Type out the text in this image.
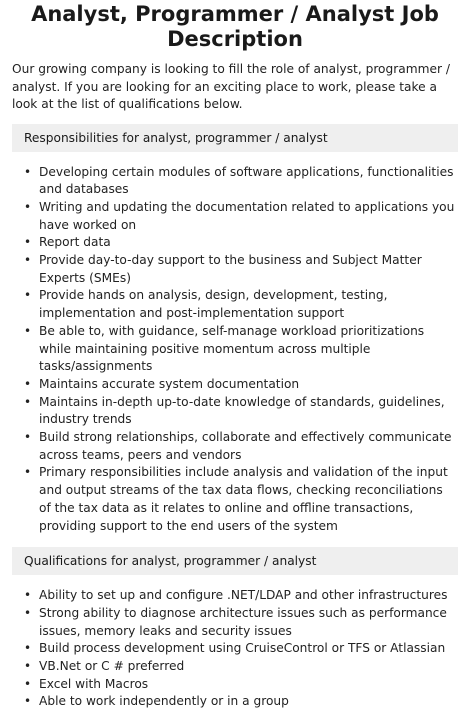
Analyst, Programmer / Analyst Job Description

Our growing company is looking to fill the role of analyst, programmer / analyst. If you are looking for an exciting place to work, please take a look at the list of qualifications below.

Responsibilities for analyst, programmer / analyst
• Developing certain modules of software applications, functionalities and databases
• Writing and updating the documentation related to applications you have worked on
• Report data
• Provide day-to-day support to the business and Subject Matter Experts (SMEs)
• Provide hands on analysis, design, development, testing, implementation and post-implementation support
• Be able to, with guidance, self-manage workload prioritizations while maintaining positive momentum across multiple tasks/assignments
• Maintains accurate system documentation
• Maintains in-depth up-to-date knowledge of standards, guidelines, industry trends
• Build strong relationships, collaborate and effectively communicate across teams, peers and vendors
• Primary responsibilities include analysis and validation of the input and output streams of the tax data flows, checking reconciliations of the tax data as it relates to online and offline transactions, providing support to the end users of the system
Qualifications for analyst, programmer / analyst
• Ability to set up and configure .NET/LDAP and other infrastructures
• Strong ability to diagnose architecture issues such as performance issues, memory leaks and security issues
• Build process development using CruiseControl or TFS or Atlassian
• VB.Net or C # preferred
• Excel with Macros
• Able to work independently or in a group
